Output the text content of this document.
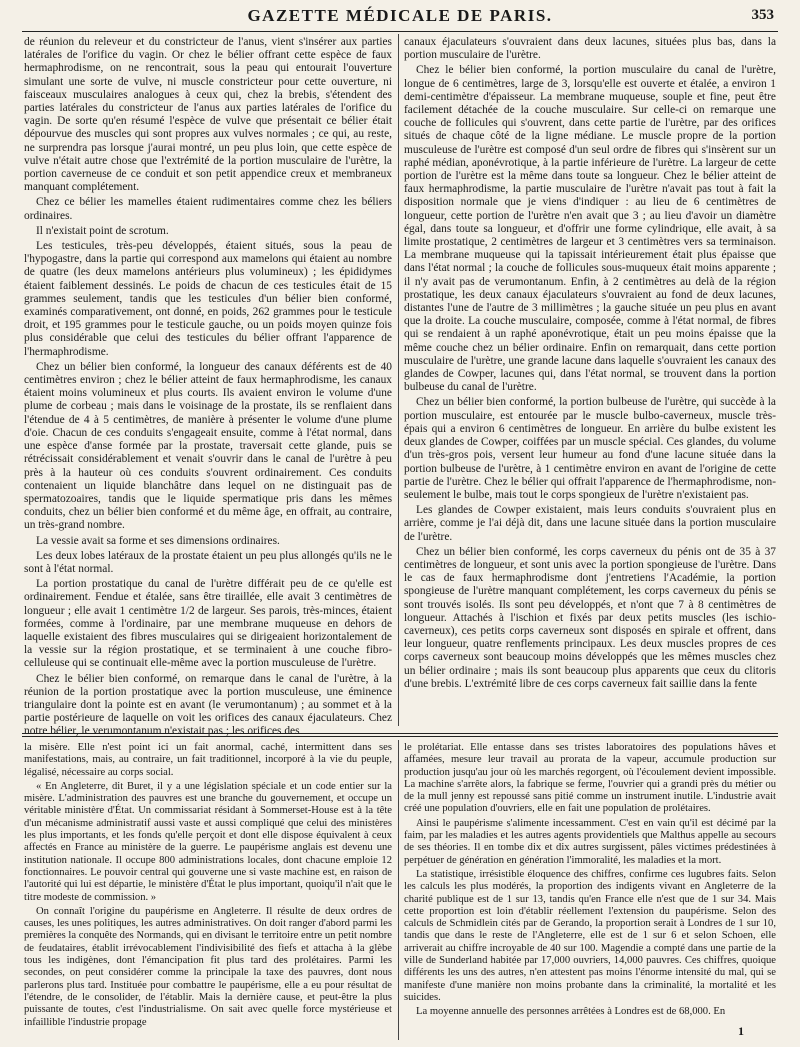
GAZETTE MÉDICALE DE PARIS.	353

de réunion du releveur et du constricteur de l'anus, vient s'insérer aux parties latérales de l'orifice du vagin. Or chez le bélier offrant cette espèce de faux hermaphrodisme, on ne rencontrait, sous la peau qui entourait l'ouverture simulant une sorte de vulve, ni muscle constricteur pour cette ouverture, ni faisceaux musculaires analogues à ceux qui, chez la brebis, s'étendent des parties latérales du constricteur de l'anus aux parties latérales de l'orifice du vagin. De sorte qu'en résumé l'espèce de vulve que présentait ce bélier était dépourvue des muscles qui sont propres aux vulves normales ; ce qui, au reste, ne surprendra pas lorsque j'aurai montré, un peu plus loin, que cette espèce de vulve n'était autre chose que l'extrémité de la portion musculaire de l'urètre, la portion caverneuse de ce conduit et son petit appendice creux et membraneux manquant complétement.

Chez ce bélier les mamelles étaient rudimentaires comme chez les béliers ordinaires.

Il n'existait point de scrotum.

Les testicules, très-peu développés, étaient situés, sous la peau de l'hypogastre, dans la partie qui correspond aux mamelons qui étaient au nombre de quatre (les deux mamelons antérieurs plus volumineux) ; les épididymes étaient faiblement dessinés. Le poids de chacun de ces testicules était de 15 grammes seulement, tandis que les testicules d'un bélier bien conformé, examinés comparativement, ont donné, en poids, 262 grammes pour le testicule droit, et 195 grammes pour le testicule gauche, ou un poids moyen quinze fois plus considérable que celui des testicules du bélier offrant l'apparence de l'hermaphrodisme.

Chez un bélier bien conformé, la longueur des canaux déférents est de 40 centimètres environ ; chez le bélier atteint de faux hermaphrodisme, les canaux étaient moins volumineux et plus courts. Ils avaient environ le volume d'une plume de corbeau ; mais dans le voisinage de la prostate, ils se renflaient dans l'étendue de 4 à 5 centimètres, de manière à présenter le volume d'une plume d'oie. Chacun de ces conduits s'engageait ensuite, comme à l'état normal, dans une espèce d'anse formée par la prostate, traversait cette glande, puis se rétrécissait considérablement et venait s'ouvrir dans le canal de l'urètre à peu près à la hauteur où ces conduits s'ouvrent ordinairement. Ces conduits contenaient un liquide blanchâtre dans lequel on ne distinguait pas de spermatozoaires, tandis que le liquide spermatique pris dans les mêmes conduits, chez un bélier bien conformé et du même âge, en offrait, au contraire, un très-grand nombre.

La vessie avait sa forme et ses dimensions ordinaires.

Les deux lobes latéraux de la prostate étaient un peu plus allongés qu'ils ne le sont à l'état normal.

La portion prostatique du canal de l'urètre différait peu de ce qu'elle est ordinairement. Fendue et étalée, sans être tiraillée, elle avait 3 centimètres de longueur ; elle avait 1 centimètre 1/2 de largeur. Ses parois, très-minces, étaient formées, comme à l'ordinaire, par une membrane muqueuse en dehors de laquelle existaient des fibres musculaires qui se dirigeaient horizontalement de la vessie sur la région prostatique, et se terminaient à une couche fibro-celluleuse qui se continuait elle-même avec la portion musculeuse de l'urètre.

Chez le bélier bien conformé, on remarque dans le canal de l'urètre, à la réunion de la portion prostatique avec la portion musculeuse, une éminence triangulaire dont la pointe est en avant (le verumontanum) ; au sommet et à la partie postérieure de laquelle on voit les orifices des canaux éjaculateurs. Chez notre bélier, le verumontanum n'existait pas ; les orifices des

canaux éjaculateurs s'ouvraient dans deux lacunes, situées plus bas, dans la portion musculaire de l'urètre.

Chez le bélier bien conformé, la portion musculaire du canal de l'urètre, longue de 6 centimètres, large de 3, lorsqu'elle est ouverte et étalée, a environ 1 demi-centimètre d'épaisseur. La membrane muqueuse, souple et fine, peut être facilement détachée de la couche musculaire. Sur celle-ci on remarque une couche de follicules qui s'ouvrent, dans cette partie de l'urètre, par des orifices situés de chaque côté de la ligne médiane. Le muscle propre de la portion musculeuse de l'urètre est composé d'un seul ordre de fibres qui s'insèrent sur un raphé médian, aponévrotique, à la partie inférieure de l'urètre. La largeur de cette portion de l'urètre est la même dans toute sa longueur. Chez le bélier atteint de faux hermaphrodisme, la partie musculaire de l'urètre n'avait pas tout à fait la disposition normale que je viens d'indiquer : au lieu de 6 centimètres de longueur, cette portion de l'urètre n'en avait que 3 ; au lieu d'avoir un diamètre égal, dans toute sa longueur, et d'offrir une forme cylindrique, elle avait, à sa limite prostatique, 2 centimètres de largeur et 3 centimètres vers sa terminaison. La membrane muqueuse qui la tapissait intérieurement était plus épaisse que dans l'état normal ; la couche de follicules sous-muqueux était moins apparente ; il n'y avait pas de verumontanum. Enfin, à 2 centimètres au delà de la région prostatique, les deux canaux éjaculateurs s'ouvraient au fond de deux lacunes, distantes l'une de l'autre de 3 millimètres ; la gauche située un peu plus en avant que la droite. La couche musculaire, composée, comme à l'état normal, de fibres qui se rendaient à un raphé aponévrotique, était un peu moins épaisse que la même couche chez un bélier ordinaire. Enfin on remarquait, dans cette portion musculaire de l'urètre, une grande lacune dans laquelle s'ouvraient les canaux des glandes de Cowper, lacunes qui, dans l'état normal, se trouvent dans la portion bulbeuse du canal de l'urètre.

Chez un bélier bien conformé, la portion bulbeuse de l'urètre, qui succède à la portion musculaire, est entourée par le muscle bulbo-caverneux, muscle très-épais qui a environ 6 centimètres de longueur. En arrière du bulbe existent les deux glandes de Cowper, coiffées par un muscle spécial. Ces glandes, du volume d'un très-gros pois, versent leur humeur au fond d'une lacune située dans la portion bulbeuse de l'urètre, à 1 centimètre environ en avant de l'origine de cette partie de l'urètre. Chez le bélier qui offrait l'apparence de l'hermaphrodisme, non-seulement le bulbe, mais tout le corps spongieux de l'urètre n'existaient pas.

Les glandes de Cowper existaient, mais leurs conduits s'ouvraient plus en arrière, comme je l'ai déjà dit, dans une lacune située dans la portion musculaire de l'urètre.

Chez un bélier bien conformé, les corps caverneux du pénis ont de 35 à 37 centimètres de longueur, et sont unis avec la portion spongieuse de l'urètre. Dans le cas de faux hermaphrodisme dont j'entretiens l'Académie, la portion spongieuse de l'urètre manquant complétement, les corps caverneux du pénis se sont trouvés isolés. Ils sont peu développés, et n'ont que 7 à 8 centimètres de longueur. Attachés à l'ischion et fixés par deux petits muscles (les ischio-caverneux), ces petits corps caverneux sont disposés en spirale et offrent, dans leur longueur, quatre renflements principaux. Les deux muscles propres de ces corps caverneux sont beaucoup moins développés que les mêmes muscles chez un bélier ordinaire ; mais ils sont beaucoup plus apparents que ceux du clitoris d'une brebis. L'extrémité libre de ces corps caverneux fait saillie dans la fente

la misère. Elle n'est point ici un fait anormal, caché, intermittent dans ses manifestations, mais, au contraire, un fait traditionnel, incorporé à la vie du peuple, légalisé, nécessaire au corps social.

« En Angleterre, dit Buret, il y a une législation spéciale et un code entier sur la misère. L'administration des pauvres est une branche du gouvernement, et occupe un véritable ministère d'État. Un commissariat résidant à Sommerset-House est à la tête d'un mécanisme administratif aussi vaste et aussi compliqué que celui des ministères les plus importants, et les fonds qu'elle perçoit et dont elle dispose équivalent à ceux affectés en France au ministère de la guerre. Le paupérisme anglais est devenu une institution nationale. Il occupe 800 administrations locales, dont chacune emploie 12 fonctionnaires. Le pouvoir central qui gouverne une si vaste machine est, en raison de l'autorité qui lui est départie, le ministère d'État le plus important, quoiqu'il n'ait que le titre modeste de commission. »

On connaît l'origine du paupérisme en Angleterre. Il résulte de deux ordres de causes, les unes politiques, les autres administratives. On doit ranger d'abord parmi les premières la conquête des Normands, qui en divisant le territoire entre un petit nombre de feudataires, établit irrévocablement l'indivisibilité des fiefs et attacha à la glèbe tous les indigènes, dont l'émancipation fit plus tard des prolétaires. Parmi les secondes, on peut considérer comme la principale la taxe des pauvres, dont nous parlerons plus tard. Instituée pour combattre le paupérisme, elle a eu pour résultat de l'étendre, de le consolider, de l'établir. Mais la dernière cause, et peut-être la plus puissante de toutes, c'est l'industrialisme. On sait avec quelle force mystérieuse et infaillible l'industrie propage

le prolétariat. Elle entasse dans ses tristes laboratoires des populations hâves et affamées, mesure leur travail au prorata de la vapeur, accumule production sur production jusqu'au jour où les marchés regorgent, où l'écoulement devient impossible. La machine s'arrête alors, la fabrique se ferme, l'ouvrier qui a grandi près du métier ou de la mull jenny est repoussé sans pitié comme un instrument inutile. L'industrie avait créé une population d'ouvriers, elle en fait une population de prolétaires.

Ainsi le paupérisme s'alimente incessamment. C'est en vain qu'il est décimé par la faim, par les maladies et les autres agents providentiels que Malthus appelle au secours de ses théories. Il en tombe dix et dix autres surgissent, pâles victimes prédestinées à perpétuer de génération en génération l'immoralité, les maladies et la mort.

La statistique, irrésistible éloquence des chiffres, confirme ces lugubres faits. Selon les calculs les plus modérés, la proportion des indigents vivant en Angleterre de la charité publique est de 1 sur 13, tandis qu'en France elle n'est que de 1 sur 34. Mais cette proportion est loin d'établir réellement l'extension du paupérisme. Selon des calculs de Schmidlein cités par de Gerando, la proportion serait à Londres de 1 sur 10, tandis que dans le reste de l'Angleterre, elle est de 1 sur 6 et selon Schoen, elle arriverait au chiffre incroyable de 40 sur 100. Magendie a compté dans une partie de la ville de Sunderland habitée par 17,000 ouvriers, 14,000 pauvres. Ces chiffres, quoique différents les uns des autres, n'en attestent pas moins l'énorme intensité du mal, qui se manifeste d'une manière non moins probante dans la criminalité, la mortalité et les suicides.

La moyenne annuelle des personnes arrêtées à Londres est de 68,000. En

1
